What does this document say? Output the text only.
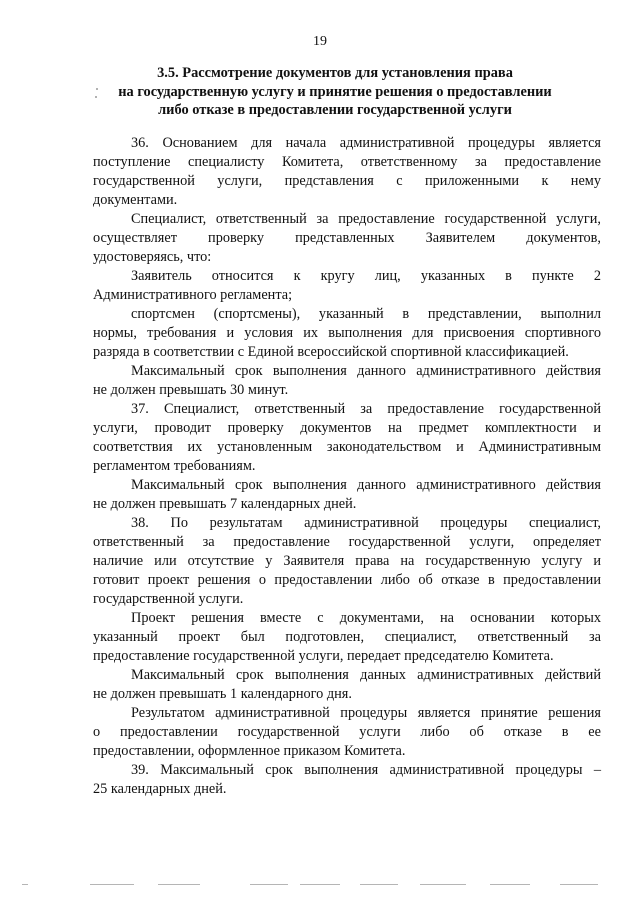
19
3.5. Рассмотрение документов для установления права
на государственную услугу и принятие решения о предоставлении
либо отказе в предоставлении государственной услуги
36. Основанием для начала административной процедуры является
поступление специалисту Комитета, ответственному за предоставление
государственной услуги, представления с приложенными к нему
документами.
Специалист, ответственный за предоставление государственной услуги,
осуществляет проверку представленных Заявителем документов,
удостоверяясь, что:
Заявитель относится к кругу лиц, указанных в пункте 2
Административного регламента;
спортсмен (спортсмены), указанный в представлении, выполнил
нормы, требования и условия их выполнения для присвоения спортивного
разряда в соответствии с Единой всероссийской спортивной классификацией.
Максимальный срок выполнения данного административного действия
не должен превышать 30 минут.
37. Специалист, ответственный за предоставление государственной
услуги, проводит проверку документов на предмет комплектности и
соответствия их установленным законодательством и Административным
регламентом требованиям.
Максимальный срок выполнения данного административного действия
не должен превышать 7 календарных дней.
38. По результатам административной процедуры специалист,
ответственный за предоставление государственной услуги, определяет
наличие или отсутствие у Заявителя права на государственную услугу и
готовит проект решения о предоставлении либо об отказе в предоставлении
государственной услуги.
Проект решения вместе с документами, на основании которых
указанный проект был подготовлен, специалист, ответственный за
предоставление государственной услуги, передает председателю Комитета.
Максимальный срок выполнения данных административных действий
не должен превышать 1 календарного дня.
Результатом административной процедуры является принятие решения
о предоставлении государственной услуги либо об отказе в ее
предоставлении, оформленное приказом Комитета.
39. Максимальный срок выполнения административной процедуры –
25 календарных дней.
